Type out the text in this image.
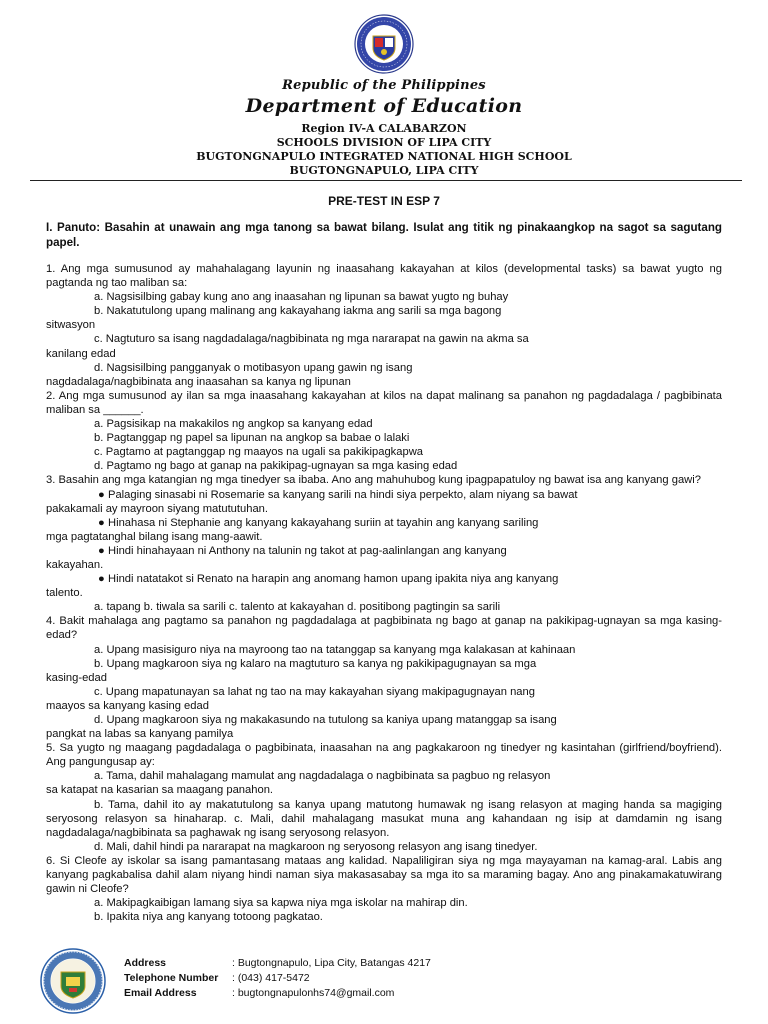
Republic of the Philippines
Department of Education
Region IV-A CALABARZON
SCHOOLS DIVISION OF LIPA CITY
BUGTONGNAPULO INTEGRATED NATIONAL HIGH SCHOOL
BUGTONGNAPULO, LIPA CITY
PRE-TEST IN ESP 7
I. Panuto: Basahin at unawain ang mga tanong sa bawat bilang. Isulat ang titik ng pinakaangkop na sagot sa sagutang papel.

1. Ang mga sumusunod ay mahahalagang layunin ng inaasahang kakayahan at kilos (developmental tasks) sa bawat yugto ng pagtanda ng tao maliban sa:

a. Nagsisilbing gabay kung ano ang inaasahan ng lipunan sa bawat yugto ng buhay

b. Nakatutulong upang malinang ang kakayahang iakma ang sarili sa mga bagong

sitwasyon

c. Nagtuturo sa isang nagdadalaga/nagbibinata ng mga nararapat na gawin na akma sa

kanilang edad

d. Nagsisilbing pangganyak o motibasyon upang gawin ng isang

nagdadalaga/nagbibinata ang inaasahan sa kanya ng lipunan

2. Ang mga sumusunod ay ilan sa mga inaasahang kakayahan at kilos na dapat malinang sa panahon ng pagdadalaga / pagbibinata maliban sa ______.

a. Pagsisikap na makakilos ng angkop sa kanyang edad

b. Pagtanggap ng papel sa lipunan na angkop sa babae o lalaki

c. Pagtamo at pagtanggap ng maayos na ugali sa pakikipagkapwa

d. Pagtamo ng bago at ganap na pakikipag-ugnayan sa mga kasing edad

3. Basahin ang mga katangian ng mga tinedyer sa ibaba. Ano ang mahuhubog kung ipagpapatuloy ng bawat isa ang kanyang gawi?

● Palaging sinasabi ni Rosemarie sa kanyang sarili na hindi siya perpekto, alam niyang sa bawat

pakakamali ay mayroon siyang matututuhan.

● Hinahasa ni Stephanie ang kanyang kakayahang suriin at tayahin ang kanyang sariling

mga pagtatanghal bilang isang mang-aawit.

● Hindi hinahayaan ni Anthony na talunin ng takot at pag-aalinlangan ang kanyang

kakayahan.

● Hindi natatakot si Renato na harapin ang anomang hamon upang ipakita niya ang kanyang

talento.

a. tapang b. tiwala sa sarili c. talento at kakayahan d. positibong pagtingin sa sarili

4. Bakit mahalaga ang pagtamo sa panahon ng pagdadalaga at pagbibinata ng bago at ganap na pakikipag-ugnayan sa mga kasing-edad?

a. Upang masisiguro niya na mayroong tao na tatanggap sa kanyang mga kalakasan at kahinaan

b. Upang magkaroon siya ng kalaro na magtuturo sa kanya ng pakikipagugnayan sa mga

kasing-edad

c. Upang mapatunayan sa lahat ng tao na may kakayahan siyang makipagugnayan nang

maayos sa kanyang kasing edad

d. Upang magkaroon siya ng makakasundo na tutulong sa kaniya upang matanggap sa isang

pangkat na labas sa kanyang pamilya

5. Sa yugto ng maagang pagdadalaga o pagbibinata, inaasahan na ang pagkakaroon ng tinedyer ng kasintahan (girlfriend/boyfriend). Ang pangungusap ay:

a. Tama, dahil mahalagang mamulat ang nagdadalaga o nagbibinata sa pagbuo ng relasyon

sa katapat na kasarian sa maagang panahon.

b. Tama, dahil ito ay makatutulong sa kanya upang matutong humawak ng isang relasyon at maging handa sa magiging seryosong relasyon sa hinaharap. c. Mali, dahil mahalagang masukat muna ang kahandaan ng isip at damdamin ng isang nagdadalaga/nagbibinata sa paghawak ng isang seryosong relasyon.

d. Mali, dahil hindi pa nararapat na magkaroon ng seryosong relasyon ang isang tinedyer.

6. Si Cleofe ay iskolar sa isang pamantasang mataas ang kalidad. Napaliligiran siya ng mga mayayaman na kamag-aral. Labis ang kanyang pagkabalisa dahil alam niyang hindi naman siya makasasabay sa mga ito sa maraming bagay. Ano ang pinakamakatuwirang gawin ni Cleofe?

a. Makipagkaibigan lamang siya sa kapwa niya mga iskolar na mahirap din.

b. Ipakita niya ang kanyang totoong pagkatao.

Address	: Bugtongnapulo, Lipa City, Batangas 4217
Telephone Number : (043) 417-5472
Email Address	: bugtongnapulonhs74@gmail.com
